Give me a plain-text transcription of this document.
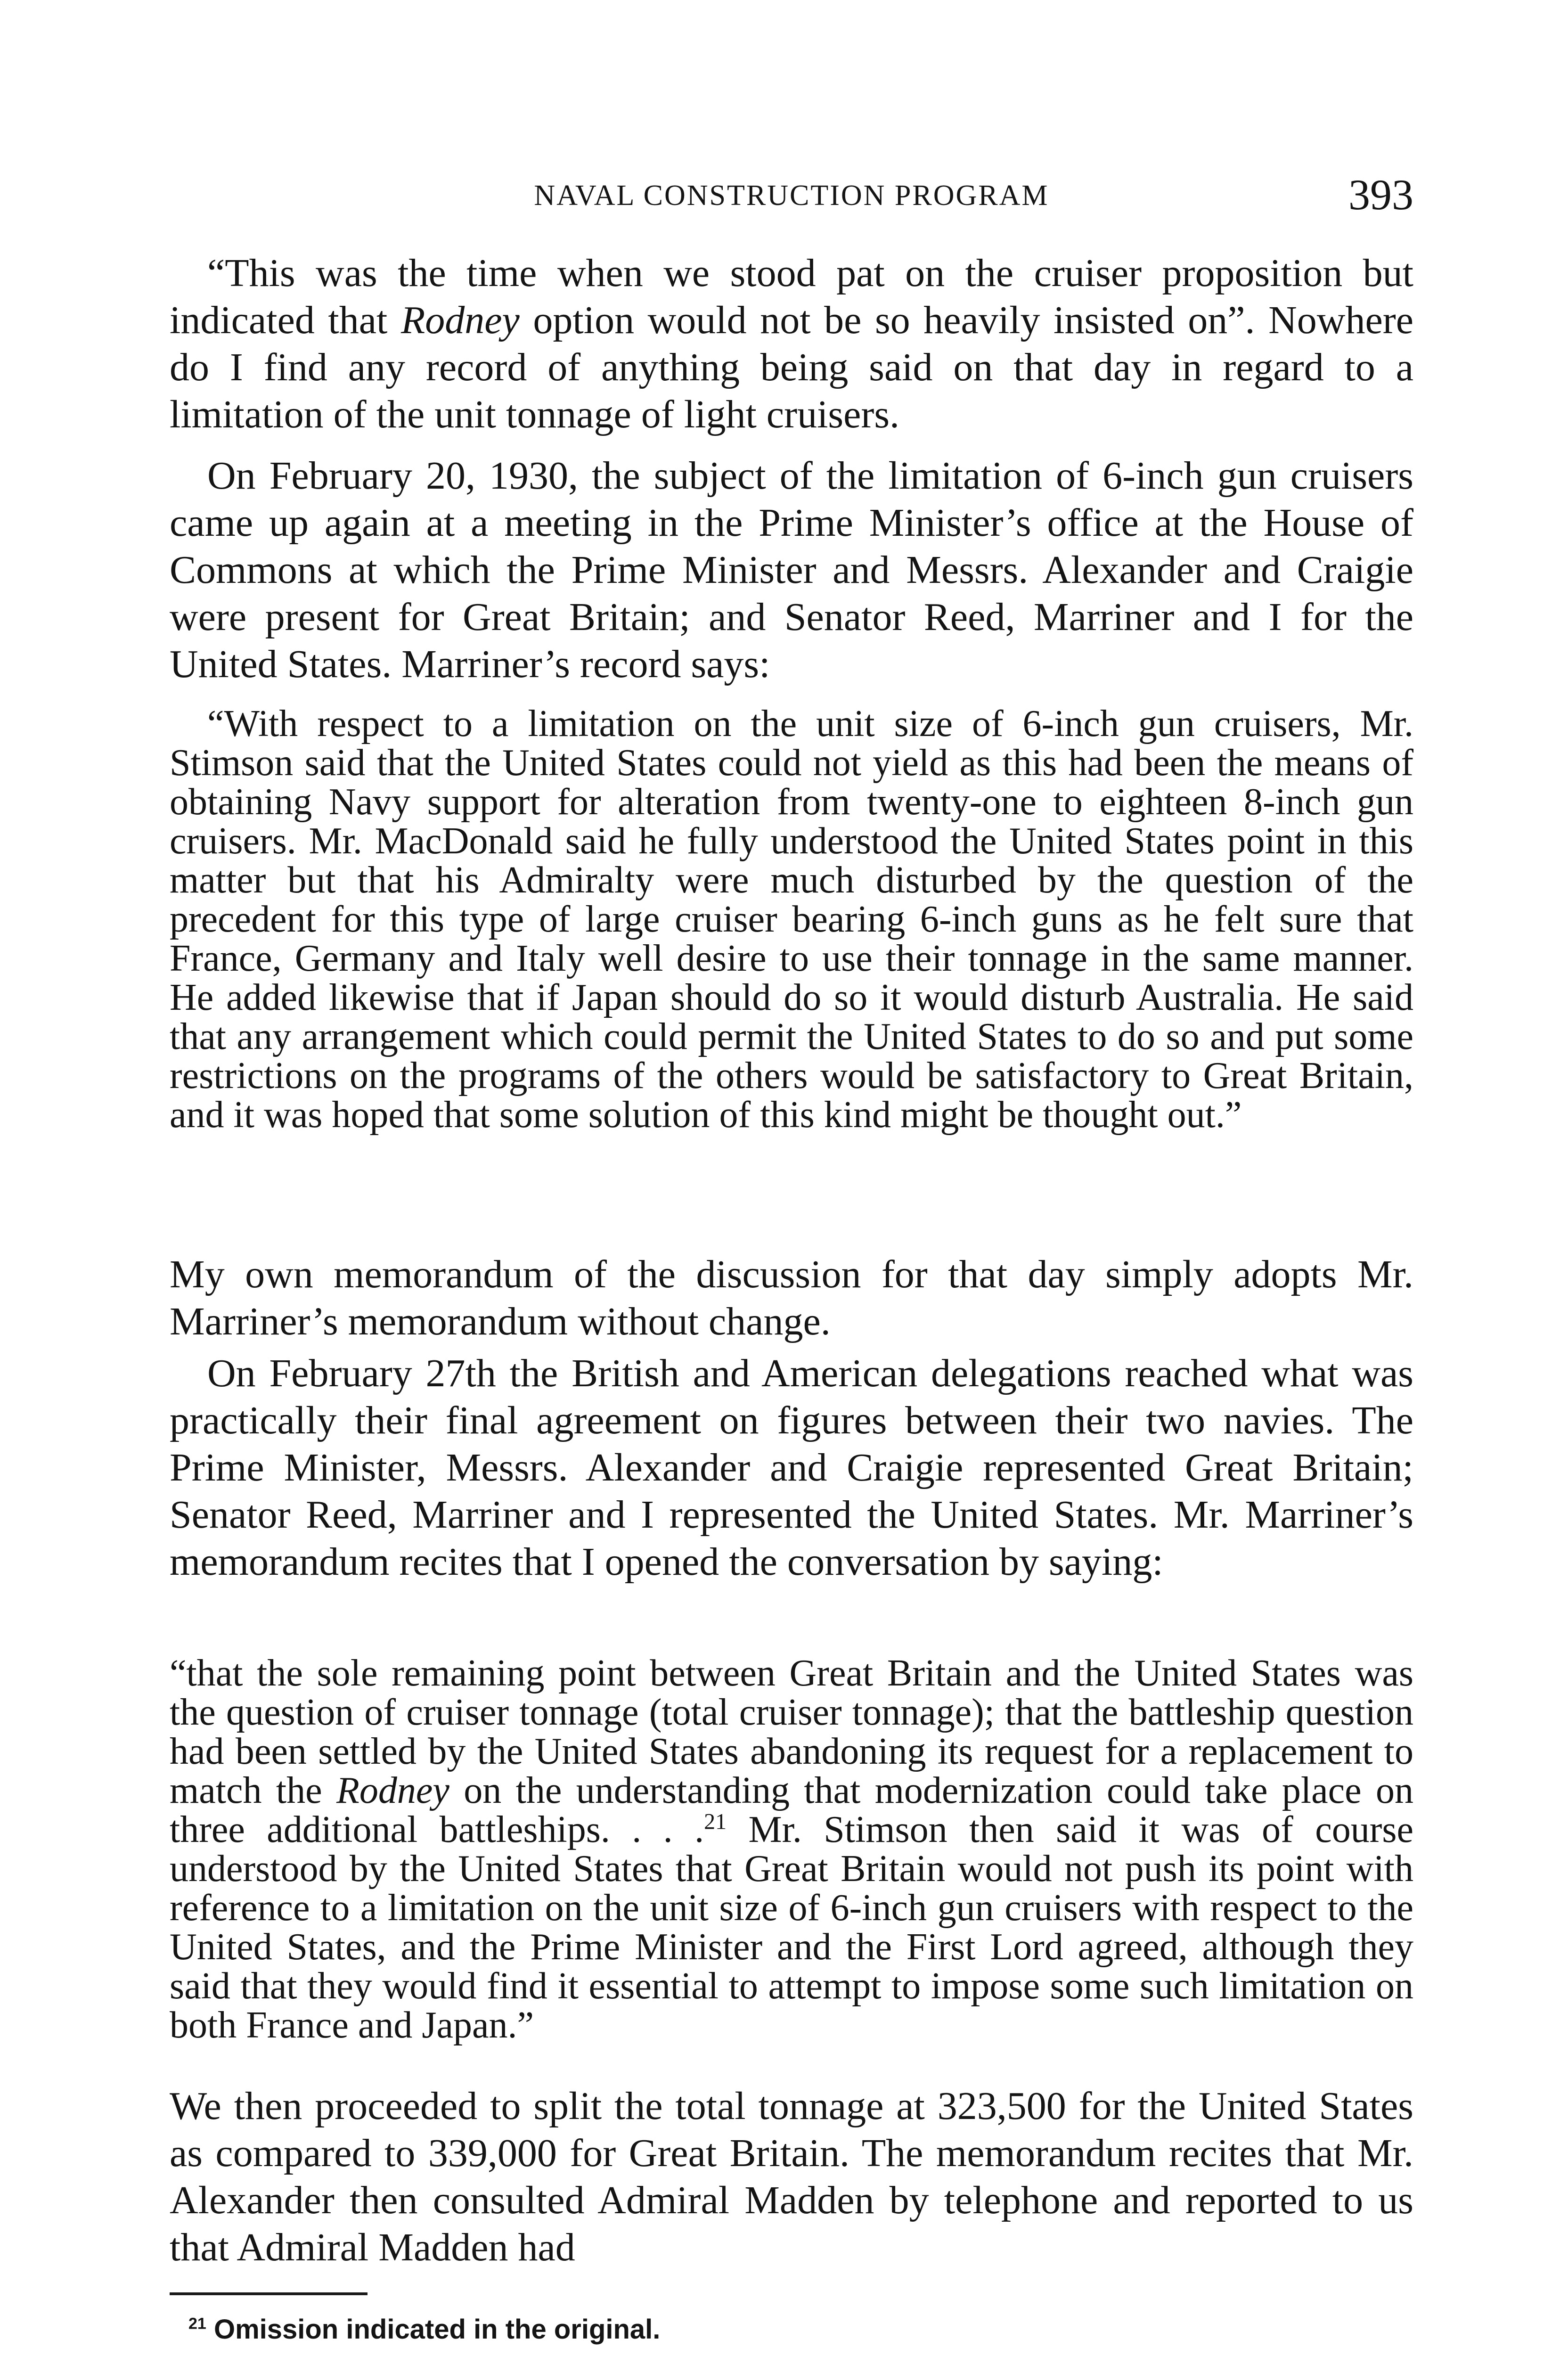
NAVAL CONSTRUCTION PROGRAM	393

“This was the time when we stood pat on the cruiser proposition but indicated that Rodney option would not be so heavily insisted on”. Nowhere do I find any record of anything being said on that day in regard to a limitation of the unit tonnage of light cruisers.

On February 20, 1930, the subject of the limitation of 6-inch gun cruisers came up again at a meeting in the Prime Minister’s office at the House of Commons at which the Prime Minister and Messrs. Alexander and Craigie were present for Great Britain; and Senator Reed, Marriner and I for the United States. Marriner’s record says:

“With respect to a limitation on the unit size of 6-inch gun cruisers, Mr. Stimson said that the United States could not yield as this had been the means of obtaining Navy support for alteration from twenty-one to eighteen 8-inch gun cruisers. Mr. MacDonald said he fully understood the United States point in this matter but that his Admiralty were much disturbed by the question of the precedent for this type of large cruiser bearing 6-inch guns as he felt sure that France, Germany and Italy well desire to use their tonnage in the same manner. He added likewise that if Japan should do so it would disturb Australia. He said that any arrangement which could permit the United States to do so and put some restrictions on the programs of the others would be satisfactory to Great Britain, and it was hoped that some solution of this kind might be thought out.”

My own memorandum of the discussion for that day simply adopts Mr. Marriner’s memorandum without change.

On February 27th the British and American delegations reached what was practically their final agreement on figures between their two navies. The Prime Minister, Messrs. Alexander and Craigie represented Great Britain; Senator Reed, Marriner and I represented the United States. Mr. Marriner’s memorandum recites that I opened the conversation by saying:

“that the sole remaining point between Great Britain and the United States was the question of cruiser tonnage (total cruiser tonnage); that the battleship question had been settled by the United States abandoning its request for a replacement to match the Rodney on the understanding that modernization could take place on three additional battleships. . . .$^{21}$ Mr. Stimson then said it was of course understood by the United States that Great Britain would not push its point with reference to a limitation on the unit size of 6-inch gun cruisers with respect to the United States, and the Prime Minister and the First Lord agreed, although they said that they would find it essential to attempt to impose some such limitation on both France and Japan.”

We then proceeded to split the total tonnage at 323,500 for the United States as compared to 339,000 for Great Britain. The memorandum recites that Mr. Alexander then consulted Admiral Madden by telephone and reported to us that Admiral Madden had

$^{21}$ Omission indicated in the original.
